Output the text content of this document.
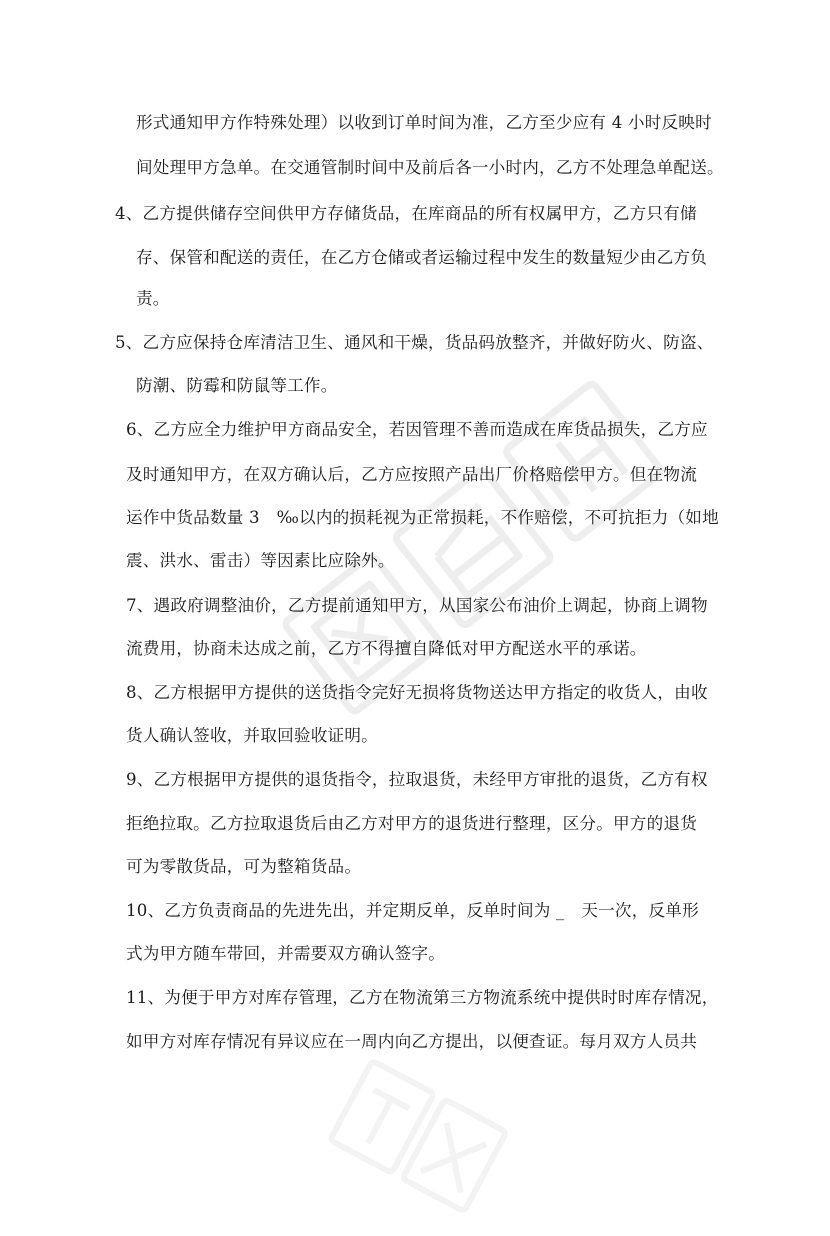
形式通知甲方作特殊处理）以收到订单时间为准，乙方至少应有 4 小时反映时
间处理甲方急单。在交通管制时间中及前后各一小时内，乙方不处理急单配送。
4、乙方提供储存空间供甲方存储货品，在库商品的所有权属甲方，乙方只有储
存、保管和配送的责任，在乙方仓储或者运输过程中发生的数量短少由乙方负
责。
5、乙方应保持仓库清洁卫生、通风和干燥，货品码放整齐，并做好防火、防盗、
防潮、防霉和防鼠等工作。
6、乙方应全力维护甲方商品安全，若因管理不善而造成在库货品损失，乙方应
及时通知甲方，在双方确认后，乙方应按照产品出厂价格赔偿甲方。但在物流
运作中货品数量 3　‰以内的损耗视为正常损耗，不作赔偿，不可抗拒力（如地
震、洪水、雷击）等因素比应除外。
7、遇政府调整油价，乙方提前通知甲方，从国家公布油价上调起，协商上调物
流费用，协商未达成之前，乙方不得擅自降低对甲方配送水平的承诺。
8、乙方根据甲方提供的送货指令完好无损将货物送达甲方指定的收货人，由收
货人确认签收，并取回验收证明。
9、乙方根据甲方提供的退货指令，拉取退货，未经甲方审批的退货，乙方有权
拒绝拉取。乙方拉取退货后由乙方对甲方的退货进行整理，区分。甲方的退货
可为零散货品，可为整箱货品。
10、乙方负责商品的先进先出，并定期反单，反单时间为 _　天一次，反单形
式为甲方随车带回，并需要双方确认签字。
11、为便于甲方对库存管理，乙方在物流第三方物流系统中提供时时库存情况，
如甲方对库存情况有异议应在一周内向乙方提出，以便查证。每月双方人员共
